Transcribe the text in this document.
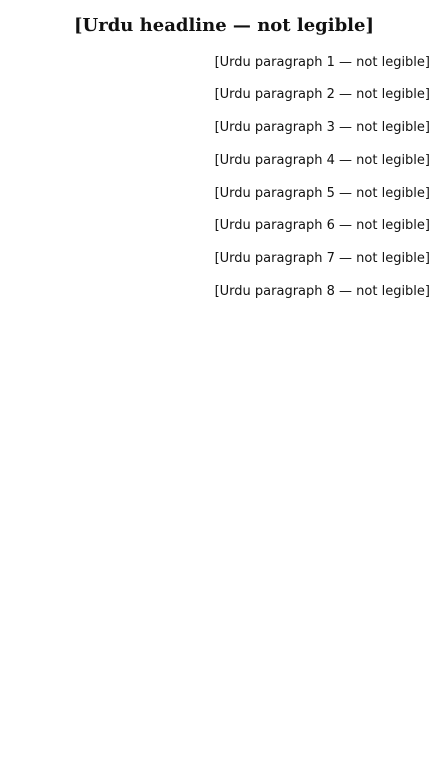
[Urdu headline — not legible]

[Urdu paragraph 1 — not legible]

[Urdu paragraph 2 — not legible]

[Urdu paragraph 3 — not legible]

[Urdu paragraph 4 — not legible]

[Urdu paragraph 5 — not legible]

[Urdu paragraph 6 — not legible]

[Urdu paragraph 7 — not legible]

[Urdu paragraph 8 — not legible]
